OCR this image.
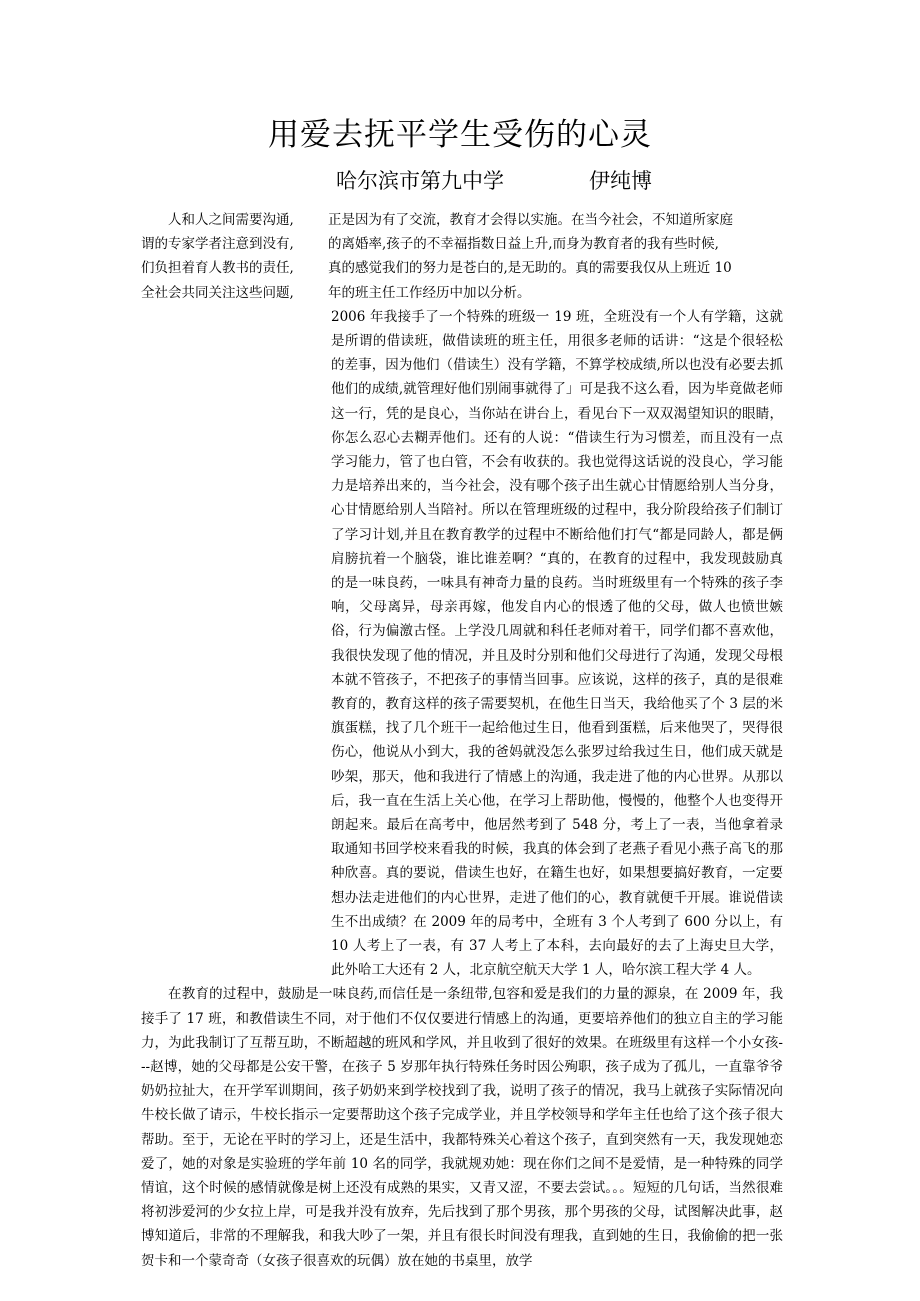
用爱去抚平学生受伤的心灵
哈尔滨市第九中学	伊纯博
人和人之间需要沟通,	正是因为有了交流，教育才会得以实施。在当今社会，不知道所家庭
谓的专家学者注意到没有,	的离婚率,孩子的不幸福指数日益上升,而身为教育者的我有些时候,
们负担着育人教书的责任,	真的感觉我们的努力是苍白的,是无助的。真的需要我仅从上班近 10
全社会共同关注这些问题,	年的班主任工作经历中加以分析。

2006 年我接手了一个特殊的班级一 19 班，全班没有一个人有学籍，这就是所谓的借读班，做借读班的班主任，用很多老师的话讲：“这是个很轻松的差事，因为他们（借读生）没有学籍，不算学校成绩,所以也没有必要去抓他们的成绩,就管理好他们别闹事就得了」可是我不这么看，因为毕竟做老师这一行，凭的是良心，当你站在讲台上，看见台下一双双渴望知识的眼睛，你怎么忍心去糊弄他们。还有的人说：“借读生行为习惯差，而且没有一点学习能力，管了也白管，不会有收获的。我也觉得这话说的没良心，学习能力是培养出来的，当今社会，没有哪个孩子出生就心甘情愿给别人当分身，心甘情愿给别人当陪衬。所以在管理班级的过程中，我分阶段给孩子们制订了学习计划,并且在教育教学的过程中不断给他们打气“都是同龄人，都是俩肩膀抗着一个脑袋，谁比谁差啊？“真的，在教育的过程中，我发现鼓励真的是一味良药，一味具有神奇力量的良药。当时班级里有一个特殊的孩子李响，父母离异，母亲再嫁，他发自内心的恨透了他的父母，做人也愤世嫉俗，行为偏激古怪。上学没几周就和科任老师对着干，同学们都不喜欢他，我很快发现了他的情况，并且及时分别和他们父母进行了沟通，发现父母根本就不管孩子，不把孩子的事情当回事。应该说，这样的孩子，真的是很难教育的，教育这样的孩子需要契机，在他生日当天，我给他买了个 3 层的米旗蛋糕，找了几个班干一起给他过生日，他看到蛋糕，后来他哭了，哭得很伤心，他说从小到大，我的爸妈就没怎么张罗过给我过生日，他们成天就是吵架，那天，他和我进行了情感上的沟通，我走进了他的内心世界。从那以后，我一直在生活上关心他，在学习上帮助他，慢慢的，他整个人也变得开朗起来。最后在高考中，他居然考到了 548 分，考上了一表，当他拿着录取通知书回学校来看我的时候，我真的体会到了老燕子看见小燕子高飞的那种欣喜。真的要说，借读生也好，在籍生也好，如果想要搞好教育，一定要想办法走进他们的内心世界，走进了他们的心，教育就便千开展。谁说借读生不出成绩？在 2009 年的局考中，全班有 3 个人考到了 600 分以上，有 10 人考上了一表，有 37 人考上了本科，去向最好的去了上海史旦大学，此外哈工大还有 2 人，北京航空航天大学 1 人，哈尔滨工程大学 4 人。

在教育的过程中，鼓励是一味良药,而信任是一条纽带,包容和爱是我们的力量的源泉，在 2009 年，我接手了 17 班，和教借读生不同，对于他们不仅仅要进行情感上的沟通，更要培养他们的独立自主的学习能力，为此我制订了互帮互助，不断超越的班风和学风，并且收到了很好的效果。在班级里有这样一个小女孩---赵博，她的父母都是公安干警，在孩子 5 岁那年执行特殊任务时因公殉职，孩子成为了孤儿，一直靠爷爷奶奶拉扯大，在开学军训期间，孩子奶奶来到学校找到了我，说明了孩子的情况，我马上就孩子实际情况向牛校长做了请示，牛校长指示一定要帮助这个孩子完成学业，并且学校领导和学年主任也给了这个孩子很大帮助。至于，无论在平时的学习上，还是生活中，我都特殊关心着这个孩子，直到突然有一天，我发现她恋爱了，她的对象是实验班的学年前 10 名的同学，我就规劝她：现在你们之间不是爱情，是一种特殊的同学情谊，这个时候的感情就像是树上还没有成熟的果实，又青又涩，不要去尝试。。。短短的几句话，当然很难将初涉爱河的少女拉上岸，可是我并没有放弃，先后找到了那个男孩，那个男孩的父母，试图解决此事，赵博知道后，非常的不理解我，和我大吵了一架，并且有很长时间没有理我，直到她的生日，我偷偷的把一张贺卡和一个蒙奇奇（女孩子很喜欢的玩偶）放在她的书桌里，放学
